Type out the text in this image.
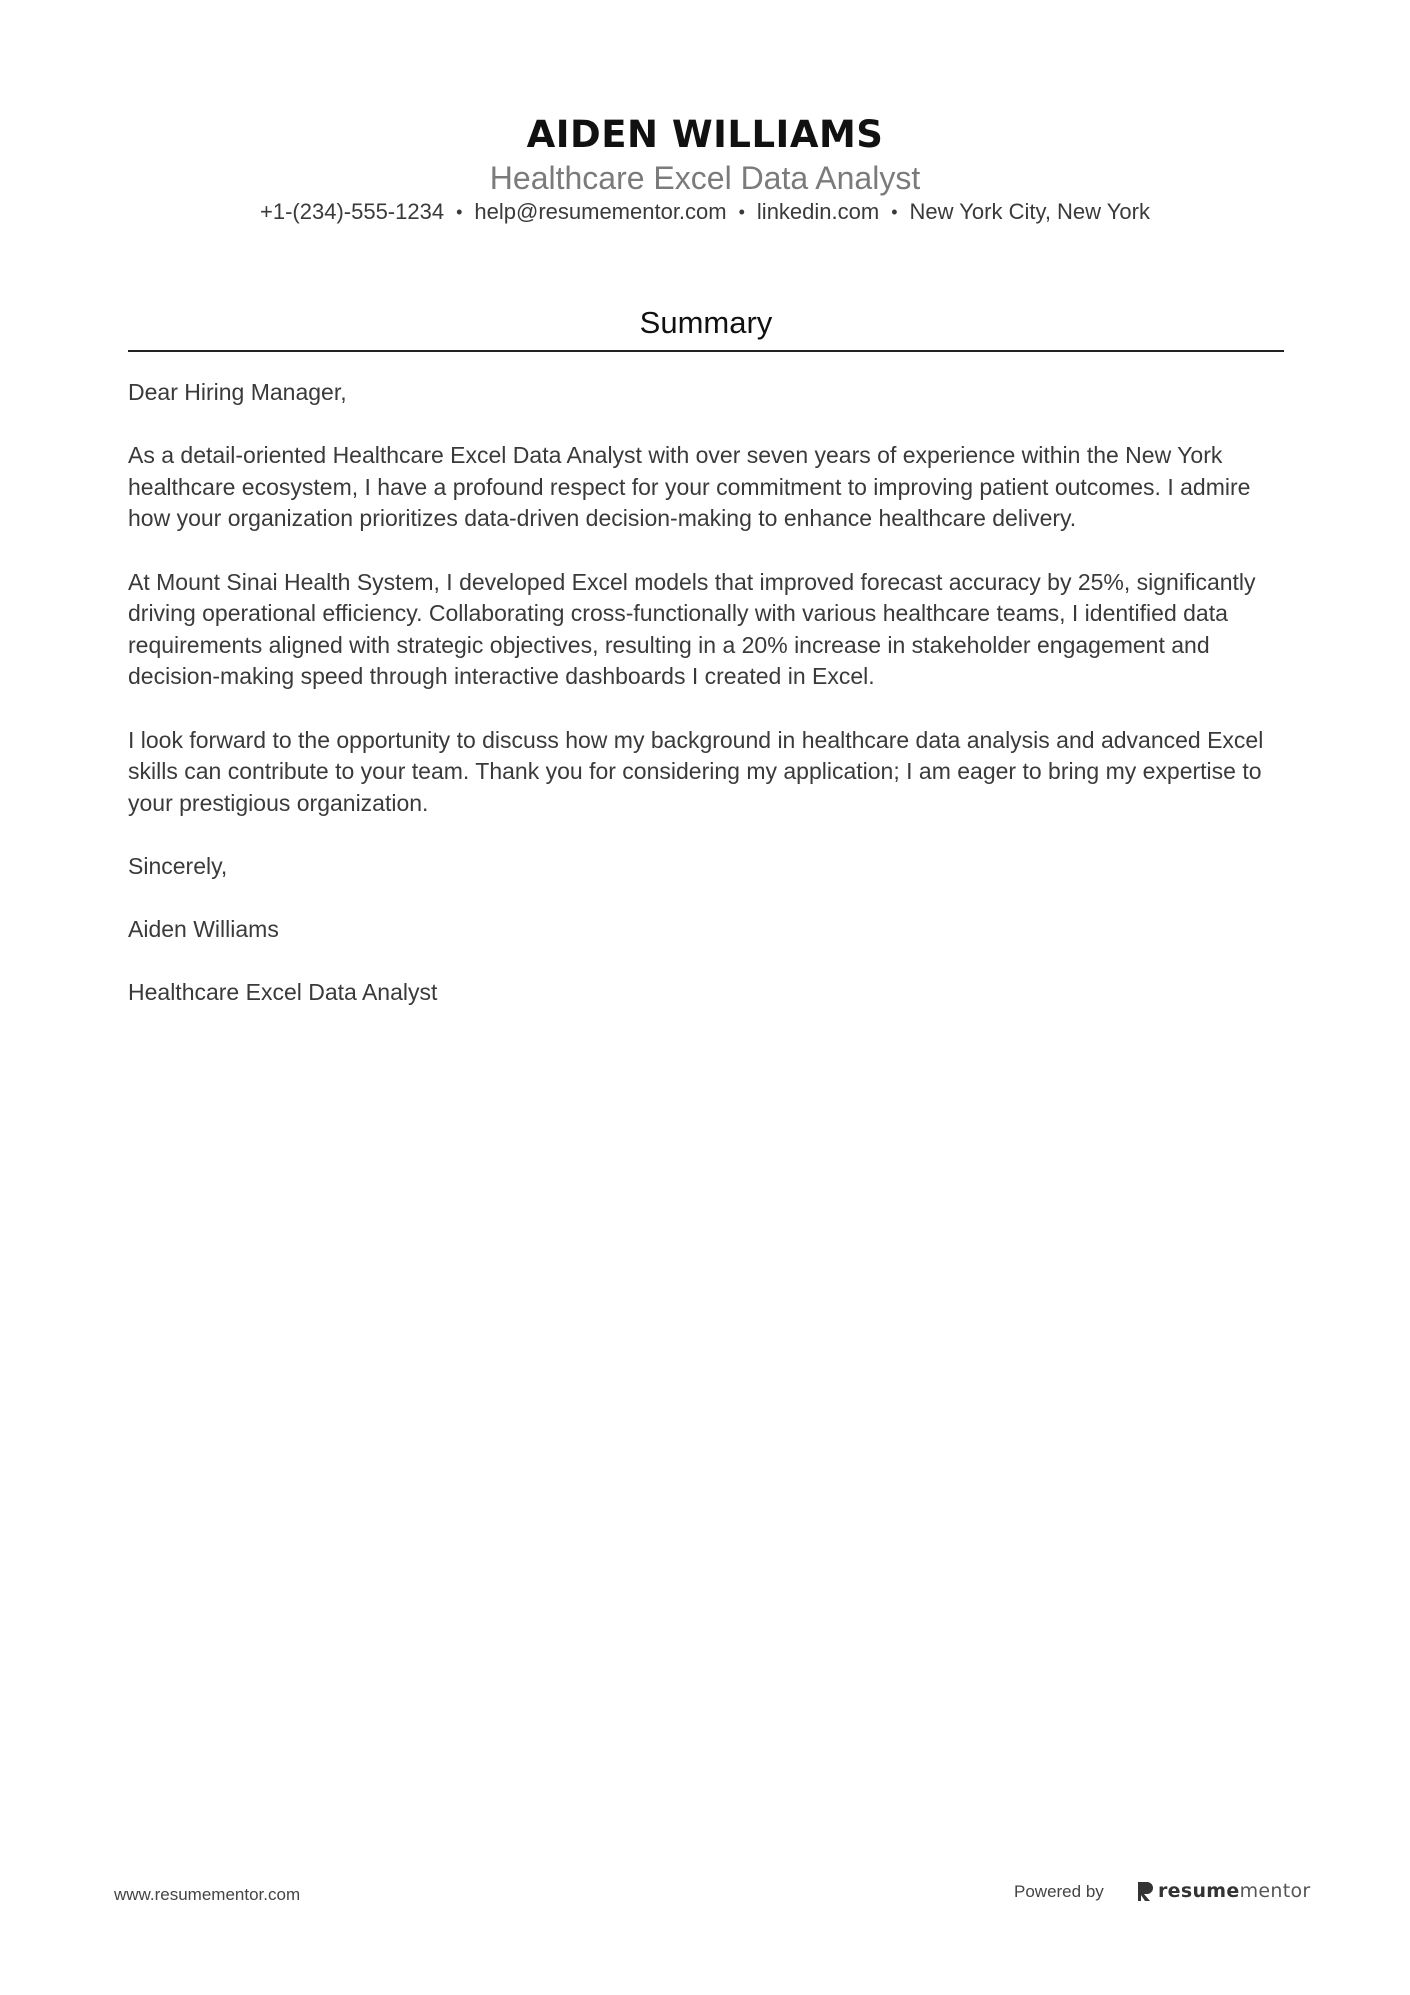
AIDEN WILLIAMS
Healthcare Excel Data Analyst
+1-(234)-555-1234 • help@resumementor.com • linkedin.com • New York City, New York
Summary

Dear Hiring Manager,

As a detail-oriented Healthcare Excel Data Analyst with over seven years of experience within the New York healthcare ecosystem, I have a profound respect for your commitment to improving patient outcomes. I admire how your organization prioritizes data-driven decision-making to enhance healthcare delivery.

At Mount Sinai Health System, I developed Excel models that improved forecast accuracy by 25%, significantly driving operational efficiency. Collaborating cross-functionally with various healthcare teams, I identified data requirements aligned with strategic objectives, resulting in a 20% increase in stakeholder engagement and decision-making speed through interactive dashboards I created in Excel.

I look forward to the opportunity to discuss how my background in healthcare data analysis and advanced Excel skills can contribute to your team. Thank you for considering my application; I am eager to bring my expertise to your prestigious organization.

Sincerely,

Aiden Williams

Healthcare Excel Data Analyst

www.resumementor.com	Powered by	resumementor
